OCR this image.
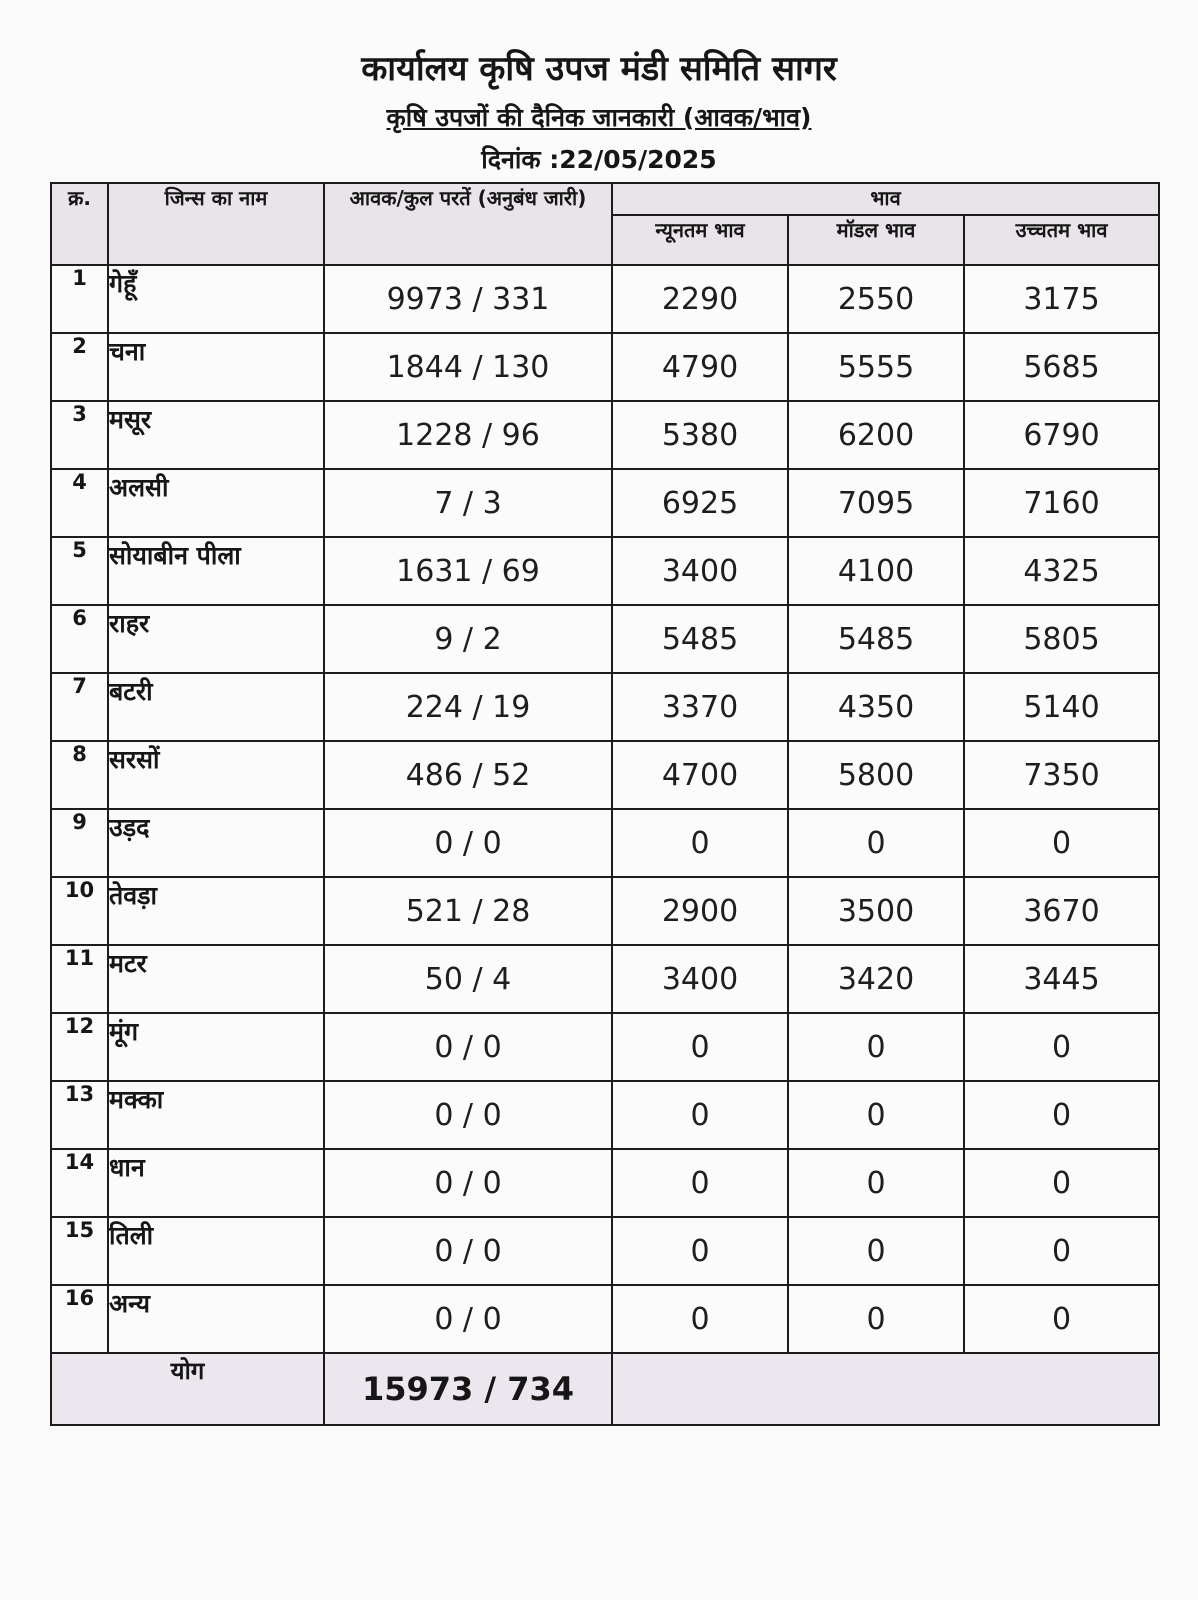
कार्यालय कृषि उपज मंडी समिति सागर
कृषि उपजों की दैनिक जानकारी (आवक/भाव)
दिनांक :22/05/2025
क्र.	जिन्स का नाम	आवक/कुल परतें (अनुबंध जारी)	भाव		
			न्यूनतम भाव	मॉडल भाव	उच्चतम भाव
1	गेहूँ	9973 / 331	2290	2550	3175
2	चना	1844 / 130	4790	5555	5685
3	मसूर	1228 / 96	5380	6200	6790
4	अलसी	7 / 3	6925	7095	7160
5	सोयाबीन पीला	1631 / 69	3400	4100	4325
6	राहर	9 / 2	5485	5485	5805
7	बटरी	224 / 19	3370	4350	5140
8	सरसों	486 / 52	4700	5800	7350
9	उड़द	0 / 0	0	0	0
10	तेवड़ा	521 / 28	2900	3500	3670
11	मटर	50 / 4	3400	3420	3445
12	मूंग	0 / 0	0	0	0
13	मक्का	0 / 0	0	0	0
14	धान	0 / 0	0	0	0
15	तिली	0 / 0	0	0	0
16	अन्य	0 / 0	0	0	0
योग		15973 / 734			
